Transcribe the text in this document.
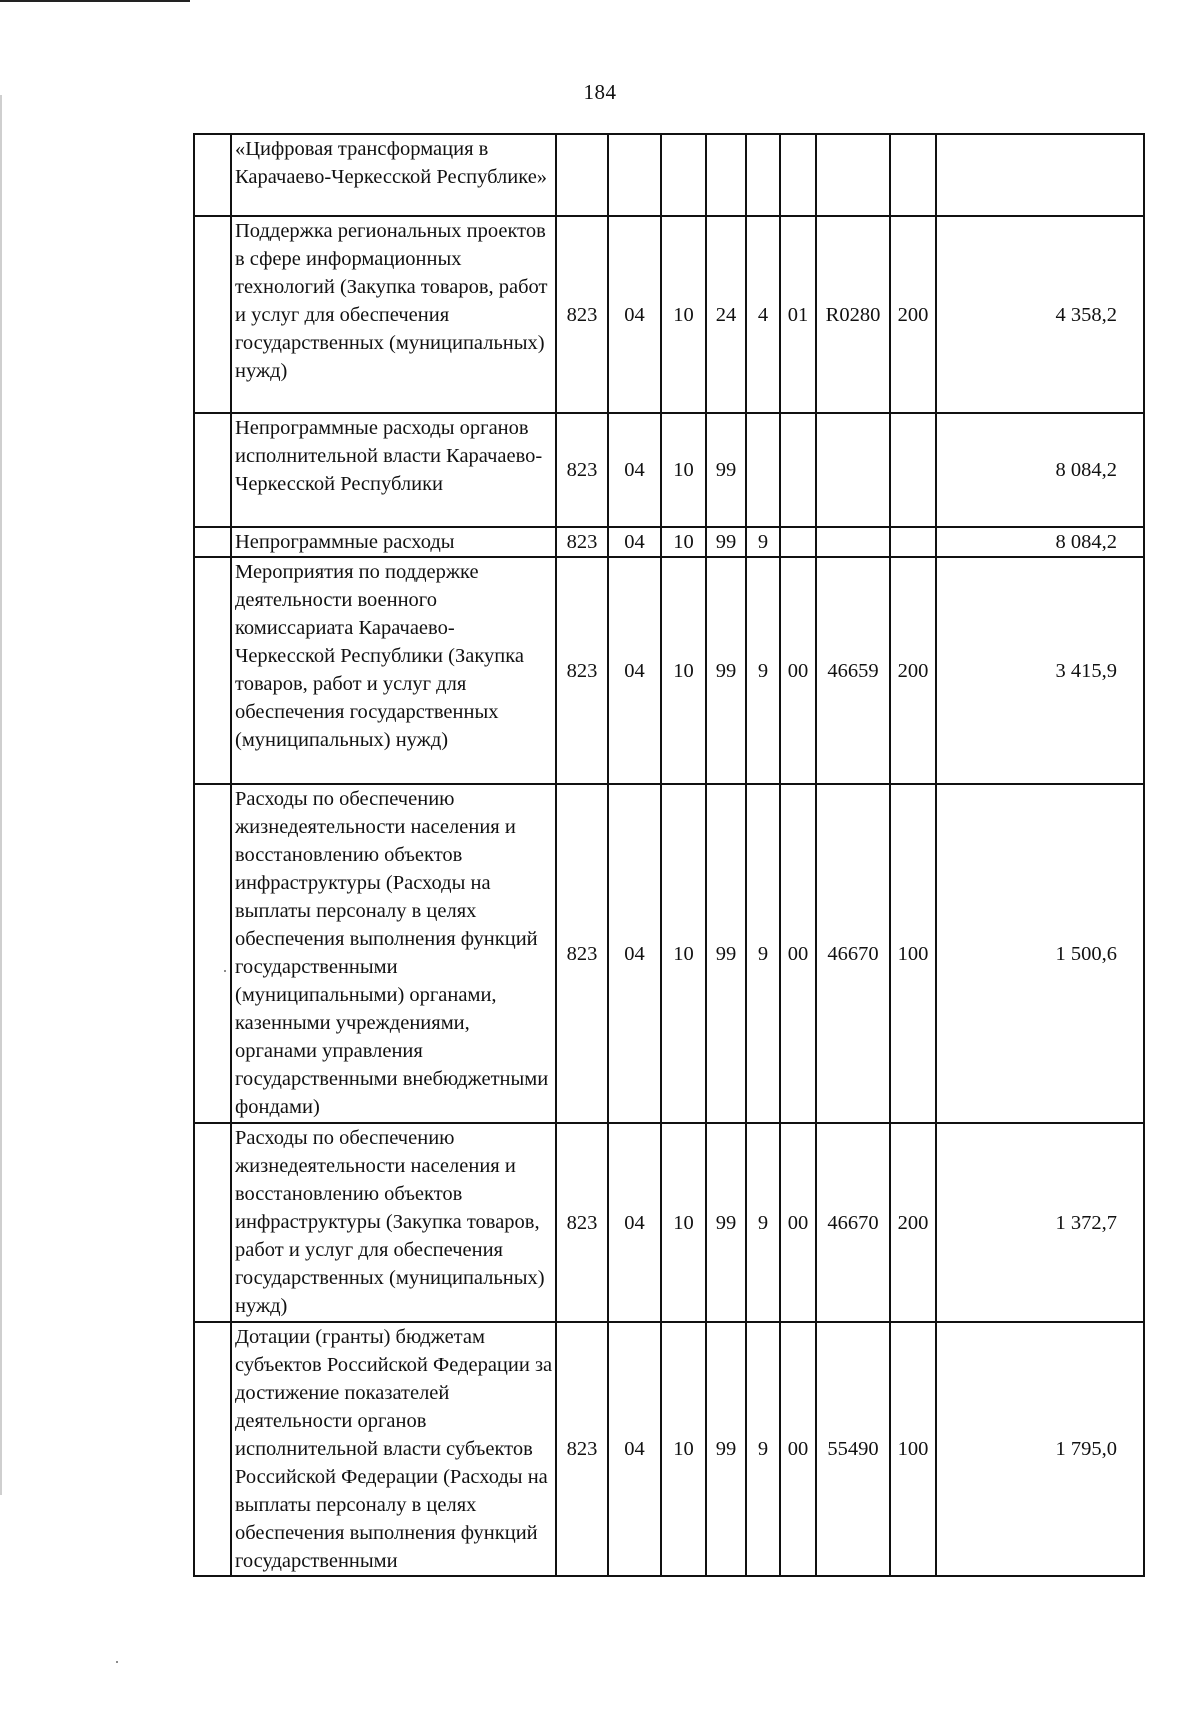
184
	«Цифровая трансформация в Карачаево-Черкесской Республике»									
	Поддержка региональных проектов в сфере информационных технологий (Закупка товаров, работ и услуг для обеспечения государственных (муниципальных) нужд)	823	04	10	24	4	01	R0280	200	4 358,2
	Непрограммные расходы органов исполнительной власти Карачаево-Черкесской Республики	823	04	10	99					8 084,2
	Непрограммные расходы	823	04	10	99	9				8 084,2
	Мероприятия по поддержке деятельности военного комиссариата Карачаево-Черкесской Республики (Закупка товаров, работ и услуг для обеспечения государственных (муниципальных) нужд)	823	04	10	99	9	00	46659	200	3 415,9
	Расходы по обеспечению жизнедеятельности населения и восстановлению объектов инфраструктуры (Расходы на выплаты персоналу в целях обеспечения выполнения функций государственными (муниципальными) органами, казенными учреждениями, органами управления государственными внебюджетными фондами)	823	04	10	99	9	00	46670	100	1 500,6
	Расходы по обеспечению жизнедеятельности населения и восстановлению объектов инфраструктуры (Закупка товаров, работ и услуг для обеспечения государственных (муниципальных) нужд)	823	04	10	99	9	00	46670	200	1 372,7
	Дотации (гранты) бюджетам субъектов Российской Федерации за достижение показателей деятельности органов исполнительной власти субъектов Российской Федерации (Расходы на выплаты персоналу в целях обеспечения выполнения функций государственными	823	04	10	99	9	00	55490	100	1 795,0
